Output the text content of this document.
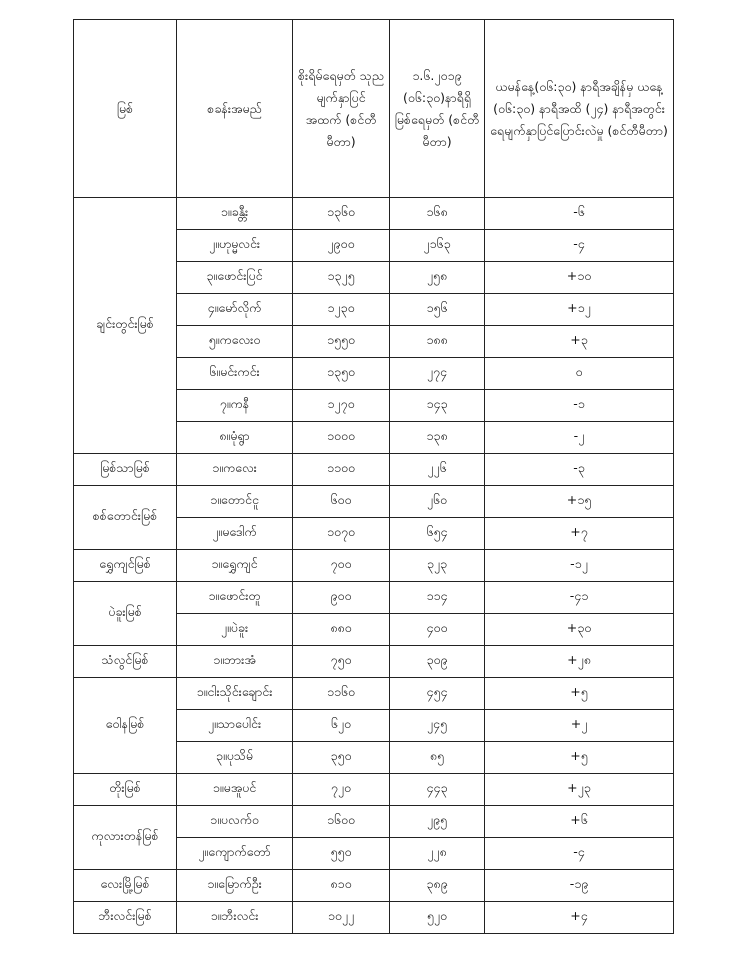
မြစ်	စခန်းအမည်	စိုးရိမ်ရေမှတ် သုည မျက်နှာပြင် အထက် (စင်တီမီတာ)	၁.၆.၂၀၁၉ (၀၆:၃၀)နာရီရှိ မြစ်ရေမှတ် (စင်တီမီတာ)	ယမန်နေ့(၀၆:၃၀) နာရီအချိန်မှ ယနေ့ (၀၆:၃၀) နာရီအထိ (၂၄) နာရီအတွင်း ရေမျက်နှာပြင်ပြောင်းလဲမှု (စင်တီမီတာ)
ချင်းတွင်းမြစ်	၁။ခန္တီး	၁၃၆၀	၁၆၈	-၆
	၂။ဟုမ္မလင်း	၂၉၀၀	၂၁၆၃	-၄
	၃။ဖောင်းပြင်	၁၃၂၅	၂၅၈	+၁၀
	၄။မော်လိုက်	၁၂၃၀	၁၅၆	+၁၂
	၅။ကလေးဝ	၁၅၅၀	၁၈၈	+၃
	၆။မင်းကင်း	၁၃၅၀	၂၇၄	၀
	၇။ကနီ	၁၂၇၀	၁၄၃	-၁
	၈။မုံရွာ	၁၀၀၀	၁၃၈	-၂
မြစ်သာမြစ်	၁။ကလေး	၁၁၀၀	၂၂၆	-၃
စစ်တောင်းမြစ်	၁။တောင်ငူ	၆၀၀	၂၆၀	+၁၅
	၂။မဒေါက်	၁၀၇၀	၆၅၄	+၇
ရွှေကျင်မြစ်	၁။ရွှေကျင်	၇၀၀	၃၂၃	-၁၂
ပဲခူးမြစ်	၁။ဖောင်းတူ	၉၀၀	၁၁၄	-၄၁
	၂။ပဲခူး	၈၈၀	၄၀၀	+၃၀
သံလွင်မြစ်	၁။ဘားအံ	၇၅၀	၃၀၉	+၂၈
ဝေါနမြစ်	၁။ငါးသိုင်းချောင်း	၁၁၆၀	၄၅၄	+၅
	၂။သာပေါင်း	၆၂၀	၂၄၅	+၂
	၃။ပုသိမ်	၃၅၀	၈၅	+၅
တိုးမြစ်	၁။မအူပင်	၇၂၀	၄၄၃	+၂၃
ကုလားတန်မြစ်	၁။ပလက်ဝ	၁၆၀၀	၂၉၅	+၆
	၂။ကျောက်တော်	၅၅၀	၂၂၈	-၄
လေးမြို့မြစ်	၁။မြောက်ဦး	၈၁၀	၃၈၉	-၁၉
ဘီးလင်းမြစ်	၁။ဘီးလင်း	၁၀၂၂	၅၂၀	+၄
